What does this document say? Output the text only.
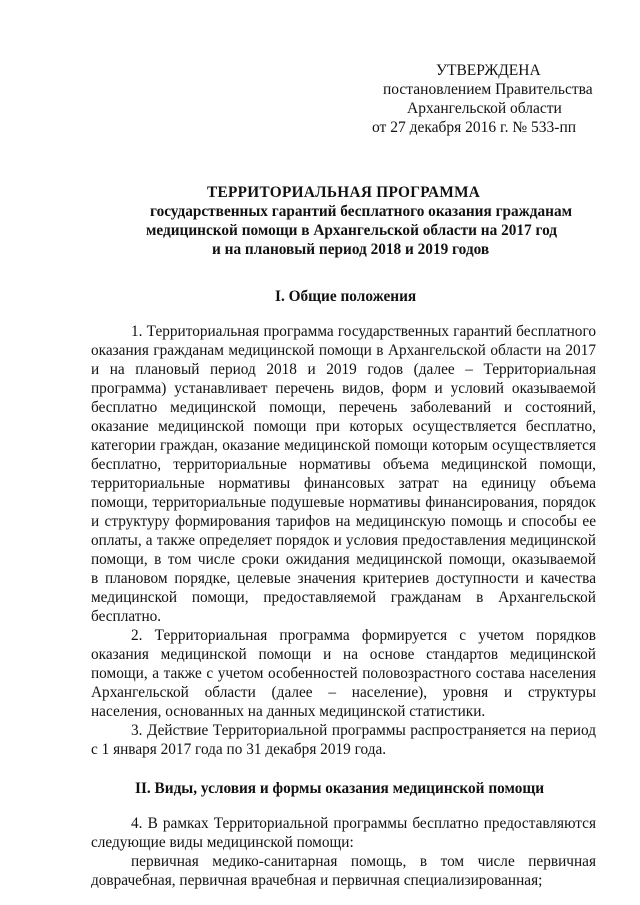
УТВЕРЖДЕНА
постановлением Правительства
Архангельской области
от 27 декабря 2016 г. № 533-пп
ТЕРРИТОРИАЛЬНАЯ ПРОГРАММА
государственных гарантий бесплатного оказания гражданам
медицинской помощи в Архангельской области на 2017 год
и на плановый период 2018 и 2019 годов
I. Общие положения
1. Территориальная программа государственных гарантий бесплатного
оказания гражданам медицинской помощи в Архангельской области на 2017
и на плановый период 2018 и 2019 годов (далее – Территориальная
программа) устанавливает перечень видов, форм и условий оказываемой
бесплатно медицинской помощи, перечень заболеваний и состояний,
оказание медицинской помощи при которых осуществляется бесплатно,
категории граждан, оказание медицинской помощи которым осуществляется
бесплатно, территориальные нормативы объема медицинской помощи,
территориальные нормативы финансовых затрат на единицу объема
помощи, территориальные подушевые нормативы финансирования, порядок
и структуру формирования тарифов на медицинскую помощь и способы ее
оплаты, а также определяет порядок и условия предоставления медицинской
помощи, в том числе сроки ожидания медицинской помощи, оказываемой
в плановом порядке, целевые значения критериев доступности и качества
медицинской помощи, предоставляемой гражданам в Архангельской
бесплатно.
2. Территориальная программа формируется с учетом порядков
оказания медицинской помощи и на основе стандартов медицинской
помощи, а также с учетом особенностей половозрастного состава населения
Архангельской области (далее – население), уровня и структуры
населения, основанных на данных медицинской статистики.
3. Действие Территориальной программы распространяется на период
с 1 января 2017 года по 31 декабря 2019 года.
II. Виды, условия и формы оказания медицинской помощи
4. В рамках Территориальной программы бесплатно предоставляются
следующие виды медицинской помощи:
первичная медико-санитарная помощь, в том числе первичная
доврачебная, первичная врачебная и первичная специализированная;
